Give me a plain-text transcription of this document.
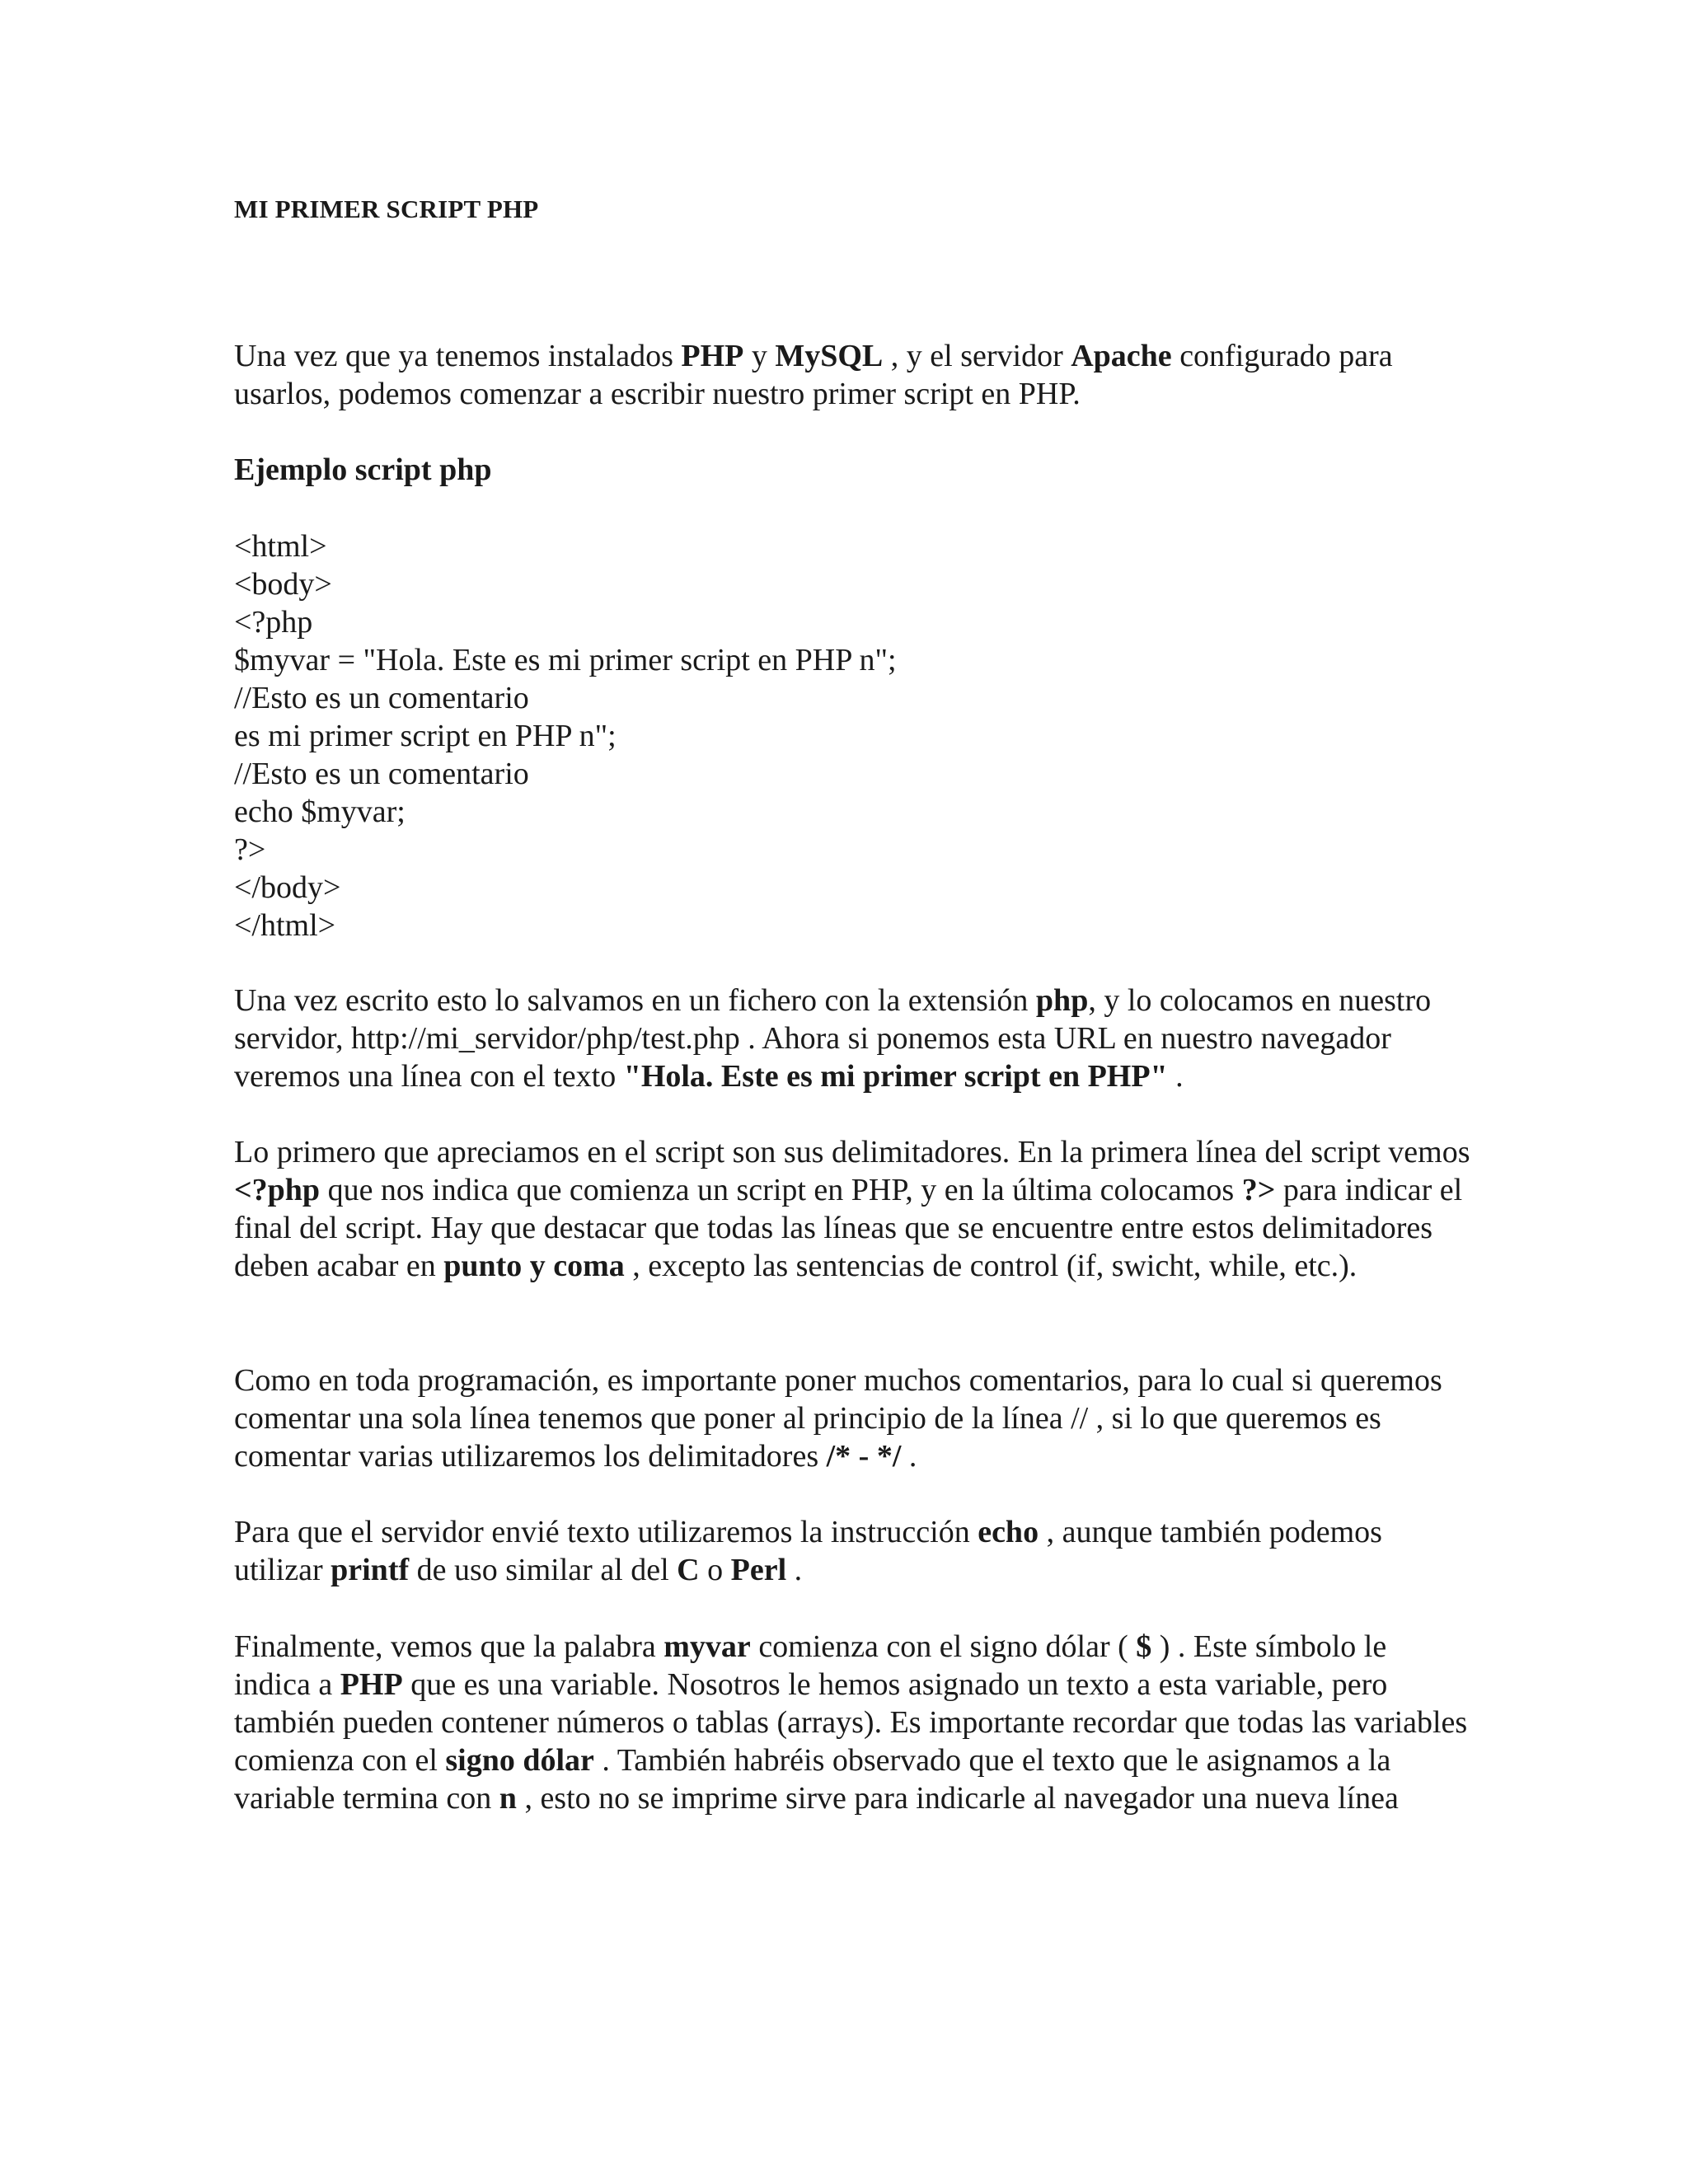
MI PRIMER SCRIPT PHP
Una vez que ya tenemos instalados PHP y MySQL , y el servidor Apache configurado para usarlos, podemos comenzar a escribir nuestro primer script en PHP.
Ejemplo script php
<html>
<body>
<?php
$myvar = "Hola. Este es mi primer script en PHP n";
//Esto es un comentario
es mi primer script en PHP n";
//Esto es un comentario
echo $myvar;
?>
</body>
</html>
Una vez escrito esto lo salvamos en un fichero con la extensión php, y lo colocamos en nuestro servidor, http://mi_servidor/php/test.php . Ahora si ponemos esta URL en nuestro navegador veremos una línea con el texto "Hola. Este es mi primer script en PHP" .
Lo primero que apreciamos en el script son sus delimitadores. En la primera línea del script vemos <?php que nos indica que comienza un script en PHP, y en la última colocamos ?> para indicar el final del script. Hay que destacar que todas las líneas que se encuentre entre estos delimitadores deben acabar en punto y coma , excepto las sentencias de control (if, swicht, while, etc.).
Como en toda programación, es importante poner muchos comentarios, para lo cual si queremos comentar una sola línea tenemos que poner al principio de la línea // , si lo que queremos es comentar varias utilizaremos los delimitadores /* - */ .
Para que el servidor envié texto utilizaremos la instrucción echo , aunque también podemos utilizar printf de uso similar al del C o Perl .
Finalmente, vemos que la palabra myvar comienza con el signo dólar ( $ ) . Este símbolo le indica a PHP que es una variable. Nosotros le hemos asignado un texto a esta variable, pero también pueden contener números o tablas (arrays). Es importante recordar que todas las variables comienza con el signo dólar . También habréis observado que el texto que le asignamos a la variable termina con n , esto no se imprime sirve para indicarle al navegador una nueva línea
